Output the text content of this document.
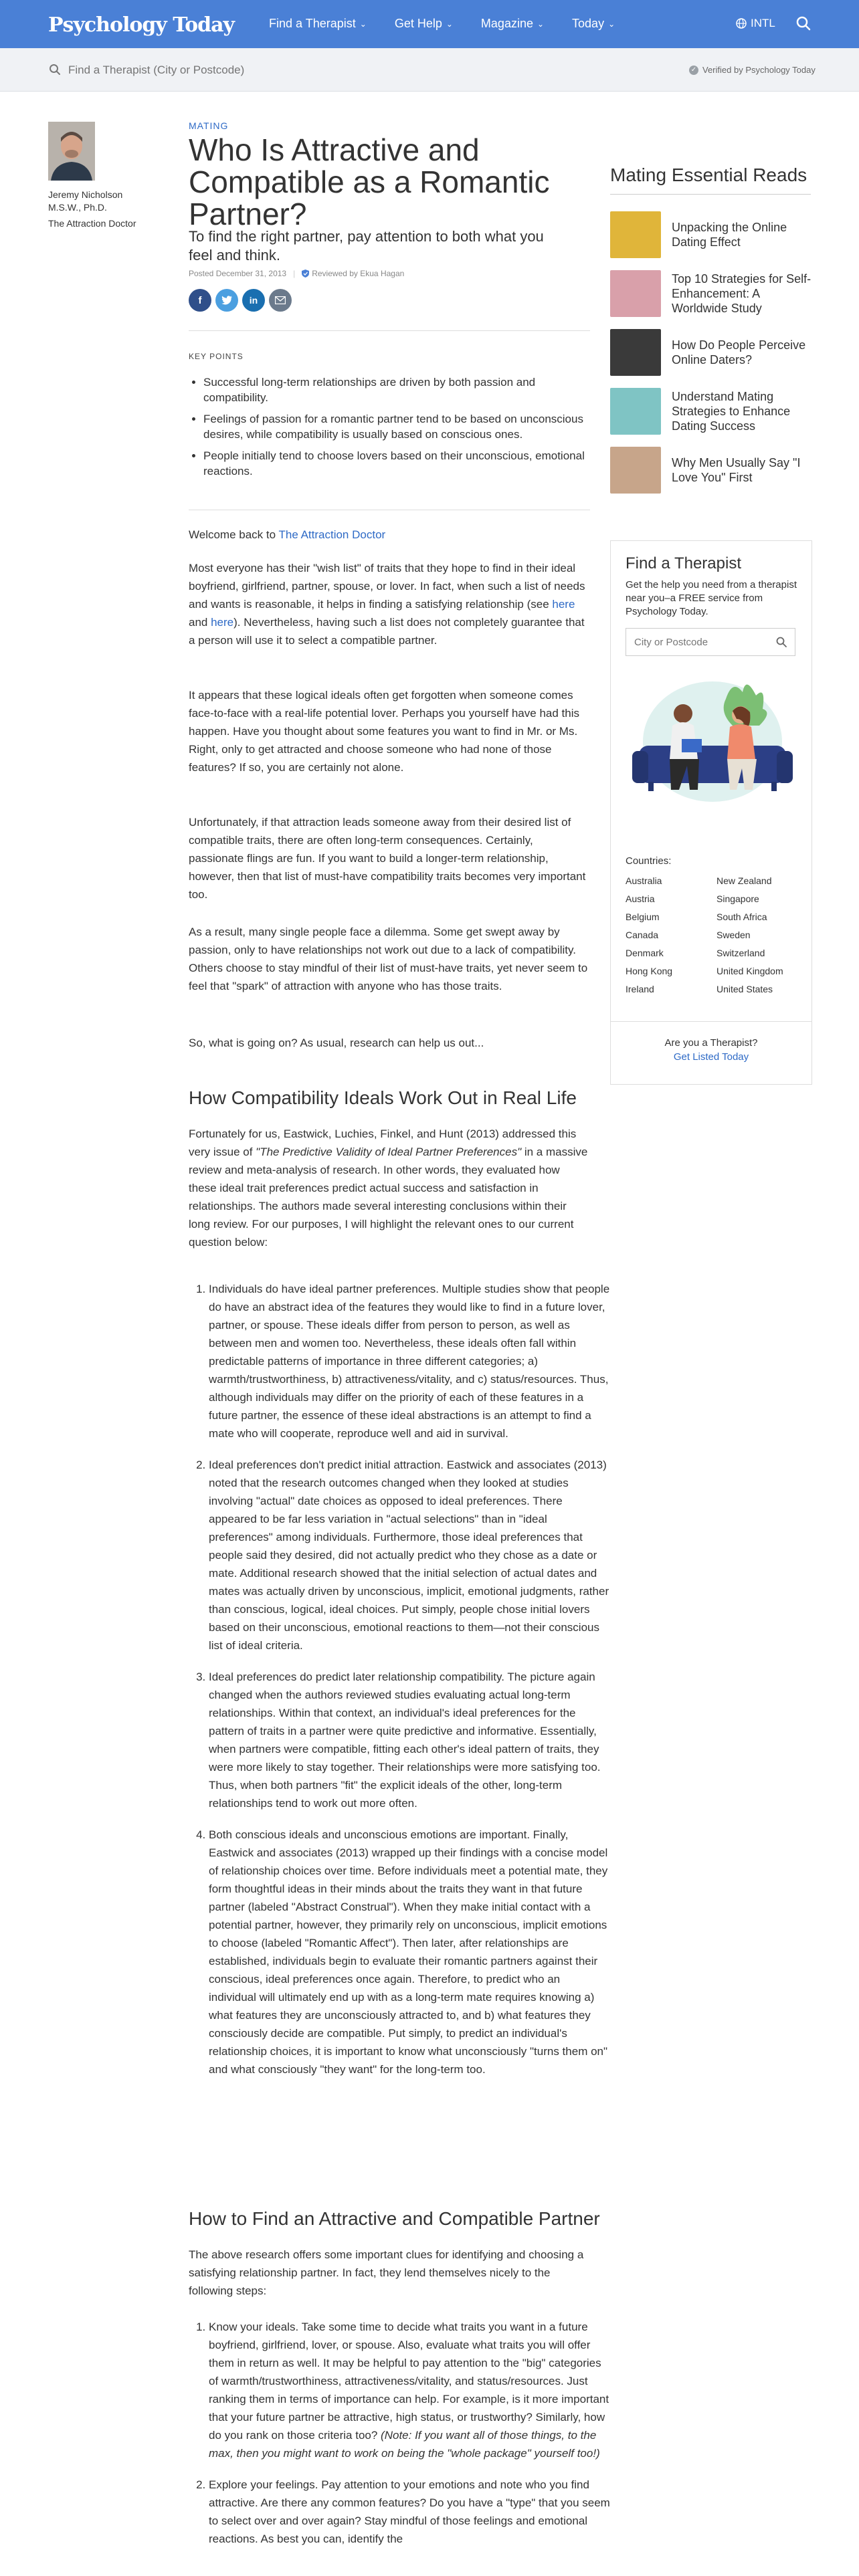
Psychology Today	Find a Therapist ⌄ Get Help ⌄ Magazine ⌄ Today ⌄	INTL
Find a Therapist (City or Postcode)
✓ Verified by Psychology Today
Jeremy Nicholson M.S.W., Ph.D.
The Attraction Doctor
MATING
Who Is Attractive and Compatible as a Romantic Partner?
To find the right partner, pay attention to both what you feel and think.
Posted December 31, 2013 | Reviewed by Ekua Hagan
f	in
KEY POINTS
• Successful long-term relationships are driven by both passion and compatibility.
• Feelings of passion for a romantic partner tend to be based on unconscious desires, while compatibility is usually based on conscious ones.
• People initially tend to choose lovers based on their unconscious, emotional reactions.

Welcome back to The Attraction Doctor

Most everyone has their "wish list" of traits that they hope to find in their ideal boyfriend, girlfriend, partner, spouse, or lover. In fact, when such a list of needs and wants is reasonable, it helps in finding a satisfying relationship (see here and here). Nevertheless, having such a list does not completely guarantee that a person will use it to select a compatible partner.

It appears that these logical ideals often get forgotten when someone comes face-to-face with a real-life potential lover. Perhaps you yourself have had this happen. Have you thought about some features you want to find in Mr. or Ms. Right, only to get attracted and choose someone who had none of those features? If so, you are certainly not alone.

Unfortunately, if that attraction leads someone away from their desired list of compatible traits, there are often long-term consequences. Certainly, passionate flings are fun. If you want to build a longer-term relationship, however, then that list of must-have compatibility traits becomes very important too.

As a result, many single people face a dilemma. Some get swept away by passion, only to have relationships not work out due to a lack of compatibility. Others choose to stay mindful of their list of must-have traits, yet never seem to feel that "spark" of attraction with anyone who has those traits.

So, what is going on? As usual, research can help us out...

How Compatibility Ideals Work Out in Real Life

Fortunately for us, Eastwick, Luchies, Finkel, and Hunt (2013) addressed this very issue of "The Predictive Validity of Ideal Partner Preferences" in a massive review and meta-analysis of research. In other words, they evaluated how these ideal trait preferences predict actual success and satisfaction in relationships. The authors made several interesting conclusions within their long review. For our purposes, I will highlight the relevant ones to our current question below:

1. Individuals do have ideal partner preferences. Multiple studies show that people do have an abstract idea of the features they would like to find in a future lover, partner, or spouse. These ideals differ from person to person, as well as between men and women too. Nevertheless, these ideals often fall within predictable patterns of importance in three different categories; a) warmth/trustworthiness, b) attractiveness/vitality, and c) status/resources. Thus, although individuals may differ on the priority of each of these features in a future partner, the essence of these ideal abstractions is an attempt to find a mate who will cooperate, reproduce well and aid in survival.
2. Ideal preferences don't predict initial attraction. Eastwick and associates (2013) noted that the research outcomes changed when they looked at studies involving "actual" date choices as opposed to ideal preferences. There appeared to be far less variation in "actual selections" than in "ideal preferences" among individuals. Furthermore, those ideal preferences that people said they desired, did not actually predict who they chose as a date or mate. Additional research showed that the initial selection of actual dates and mates was actually driven by unconscious, implicit, emotional judgments, rather than conscious, logical, ideal choices. Put simply, people chose initial lovers based on their unconscious, emotional reactions to them—not their conscious list of ideal criteria.
3. Ideal preferences do predict later relationship compatibility. The picture again changed when the authors reviewed studies evaluating actual long-term relationships. Within that context, an individual's ideal preferences for the pattern of traits in a partner were quite predictive and informative. Essentially, when partners were compatible, fitting each other's ideal pattern of traits, they were more likely to stay together. Their relationships were more satisfying too. Thus, when both partners "fit" the explicit ideals of the other, long-term relationships tend to work out more often.
4. Both conscious ideals and unconscious emotions are important. Finally, Eastwick and associates (2013) wrapped up their findings with a concise model of relationship choices over time. Before individuals meet a potential mate, they form thoughtful ideas in their minds about the traits they want in that future partner (labeled "Abstract Construal"). When they make initial contact with a potential partner, however, they primarily rely on unconscious, implicit emotions to choose (labeled "Romantic Affect"). Then later, after relationships are established, individuals begin to evaluate their romantic partners against their conscious, ideal preferences once again. Therefore, to predict who an individual will ultimately end up with as a long-term mate requires knowing a) what features they are unconsciously attracted to, and b) what features they consciously decide are compatible. Put simply, to predict an individual's relationship choices, it is important to know what unconsciously "turns them on" and what consciously "they want" for the long-term too.
How to Find an Attractive and Compatible Partner

The above research offers some important clues for identifying and choosing a satisfying relationship partner. In fact, they lend themselves nicely to the following steps:

1. Know your ideals. Take some time to decide what traits you want in a future boyfriend, girlfriend, lover, or spouse. Also, evaluate what traits you will offer them in return as well. It may be helpful to pay attention to the "big" categories of warmth/trustworthiness, attractiveness/vitality, and status/resources. Just ranking them in terms of importance can help. For example, is it more important that your future partner be attractive, high status, or trustworthy? Similarly, how do you rank on those criteria too? (Note: If you want all of those things, to the max, then you might want to work on being the "whole package" yourself too!)
2. Explore your feelings. Pay attention to your emotions and note who you find attractive. Are there any common features? Do you have a "type" that you seem to select over and over again? Stay mindful of those feelings and emotional reactions. As best you can, identify the
Mating Essential Reads
Unpacking the Online Dating Effect
Top 10 Strategies for Self-Enhancement: A Worldwide Study
How Do People Perceive Online Daters?
Understand Mating Strategies to Enhance Dating Success
Why Men Usually Say "I Love You" First
Find a Therapist
Get the help you need from a therapist near you–a FREE service from Psychology Today.
City or Postcode
Countries:
Australia	New Zealand
Austria	Singapore
Belgium	South Africa
Canada	Sweden
Denmark	Switzerland
Hong Kong	United Kingdom
Ireland	United States
Are you a Therapist?
Get Listed Today
